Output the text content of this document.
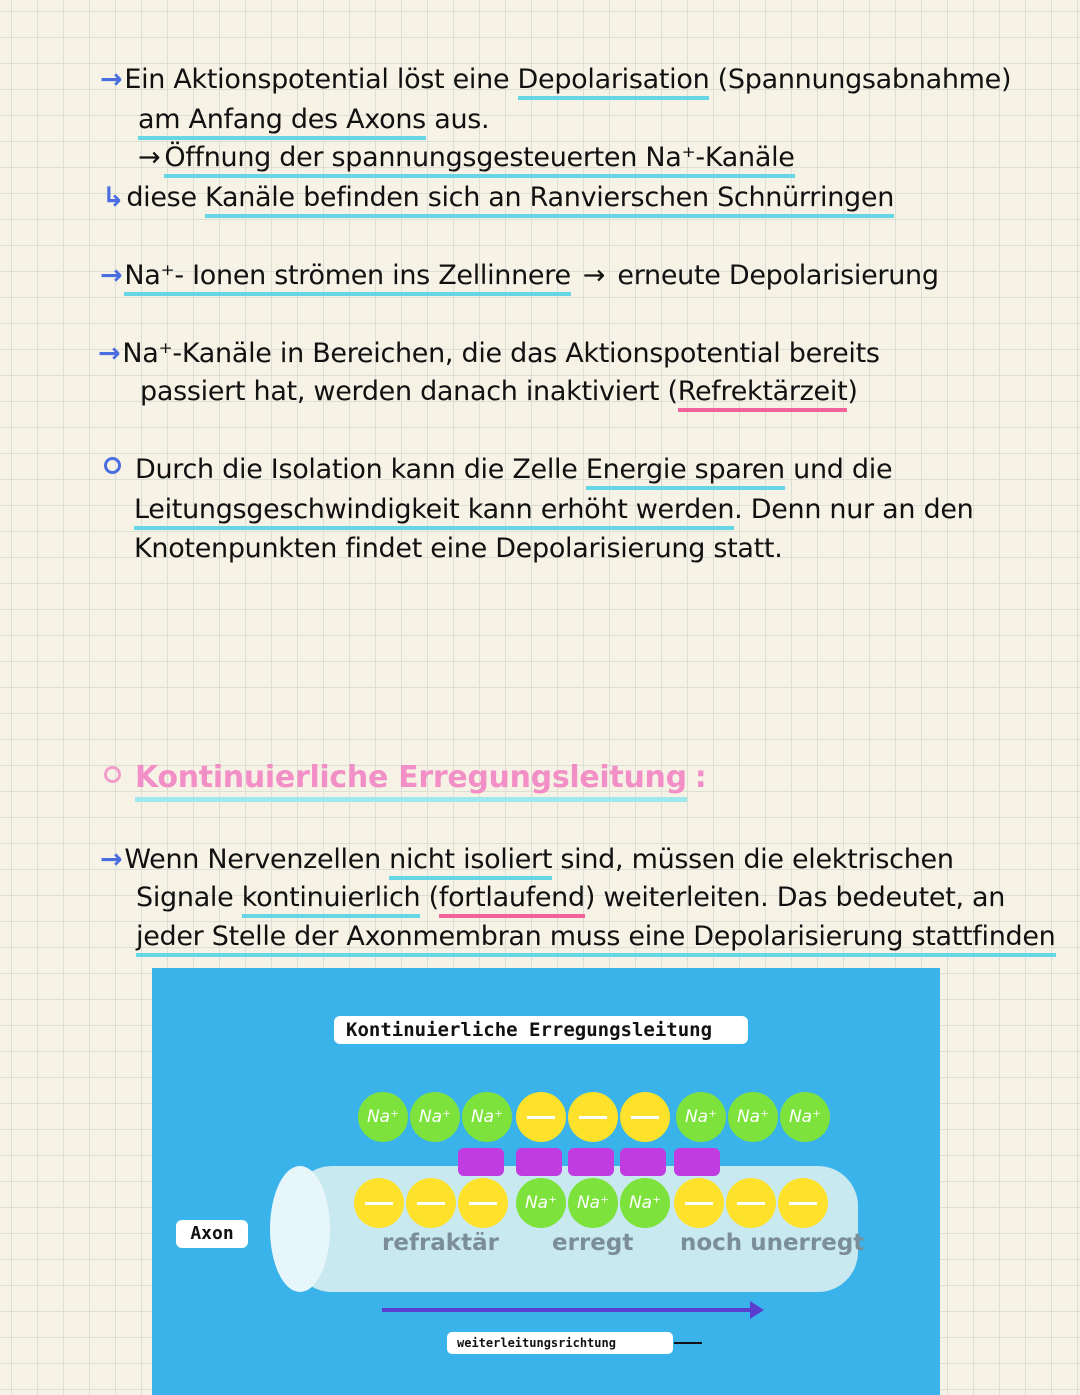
→Ein Aktionspotential löst eine Depolarisation (Spannungsabnahme)
am Anfang des Axons aus.
→ Öffnung der spannungsgesteuerten Na⁺-Kanäle
↳diese Kanäle befinden sich an Ranvierschen Schnürringen
→Na⁺- Ionen strömen ins Zellinnere → erneute Depolarisierung
→Na⁺-Kanäle in Bereichen, die das Aktionspotential bereits
passiert hat, werden danach inaktiviert (Refrektärzeit)
Durch die Isolation kann die Zelle Energie sparen und die
Leitungsgeschwindigkeit kann erhöht werden. Denn nur an den
Knotenpunkten findet eine Depolarisierung statt.
Kontinuierliche Erregungsleitung :
→Wenn Nervenzellen nicht isoliert sind, müssen die elektrischen
Signale kontinuierlich (fortlaufend) weiterleiten. Das bedeutet, an
jeder Stelle der Axonmembran muss eine Depolarisierung stattfinden
Kontinuierliche Erregungsleitung
Na⁺	Na⁺	Na⁺	Na⁺	Na⁺	Na⁺
Na⁺	Na⁺	Na⁺
Axon	refraktär erregt noch unerregt
weiterleitungsrichtung
